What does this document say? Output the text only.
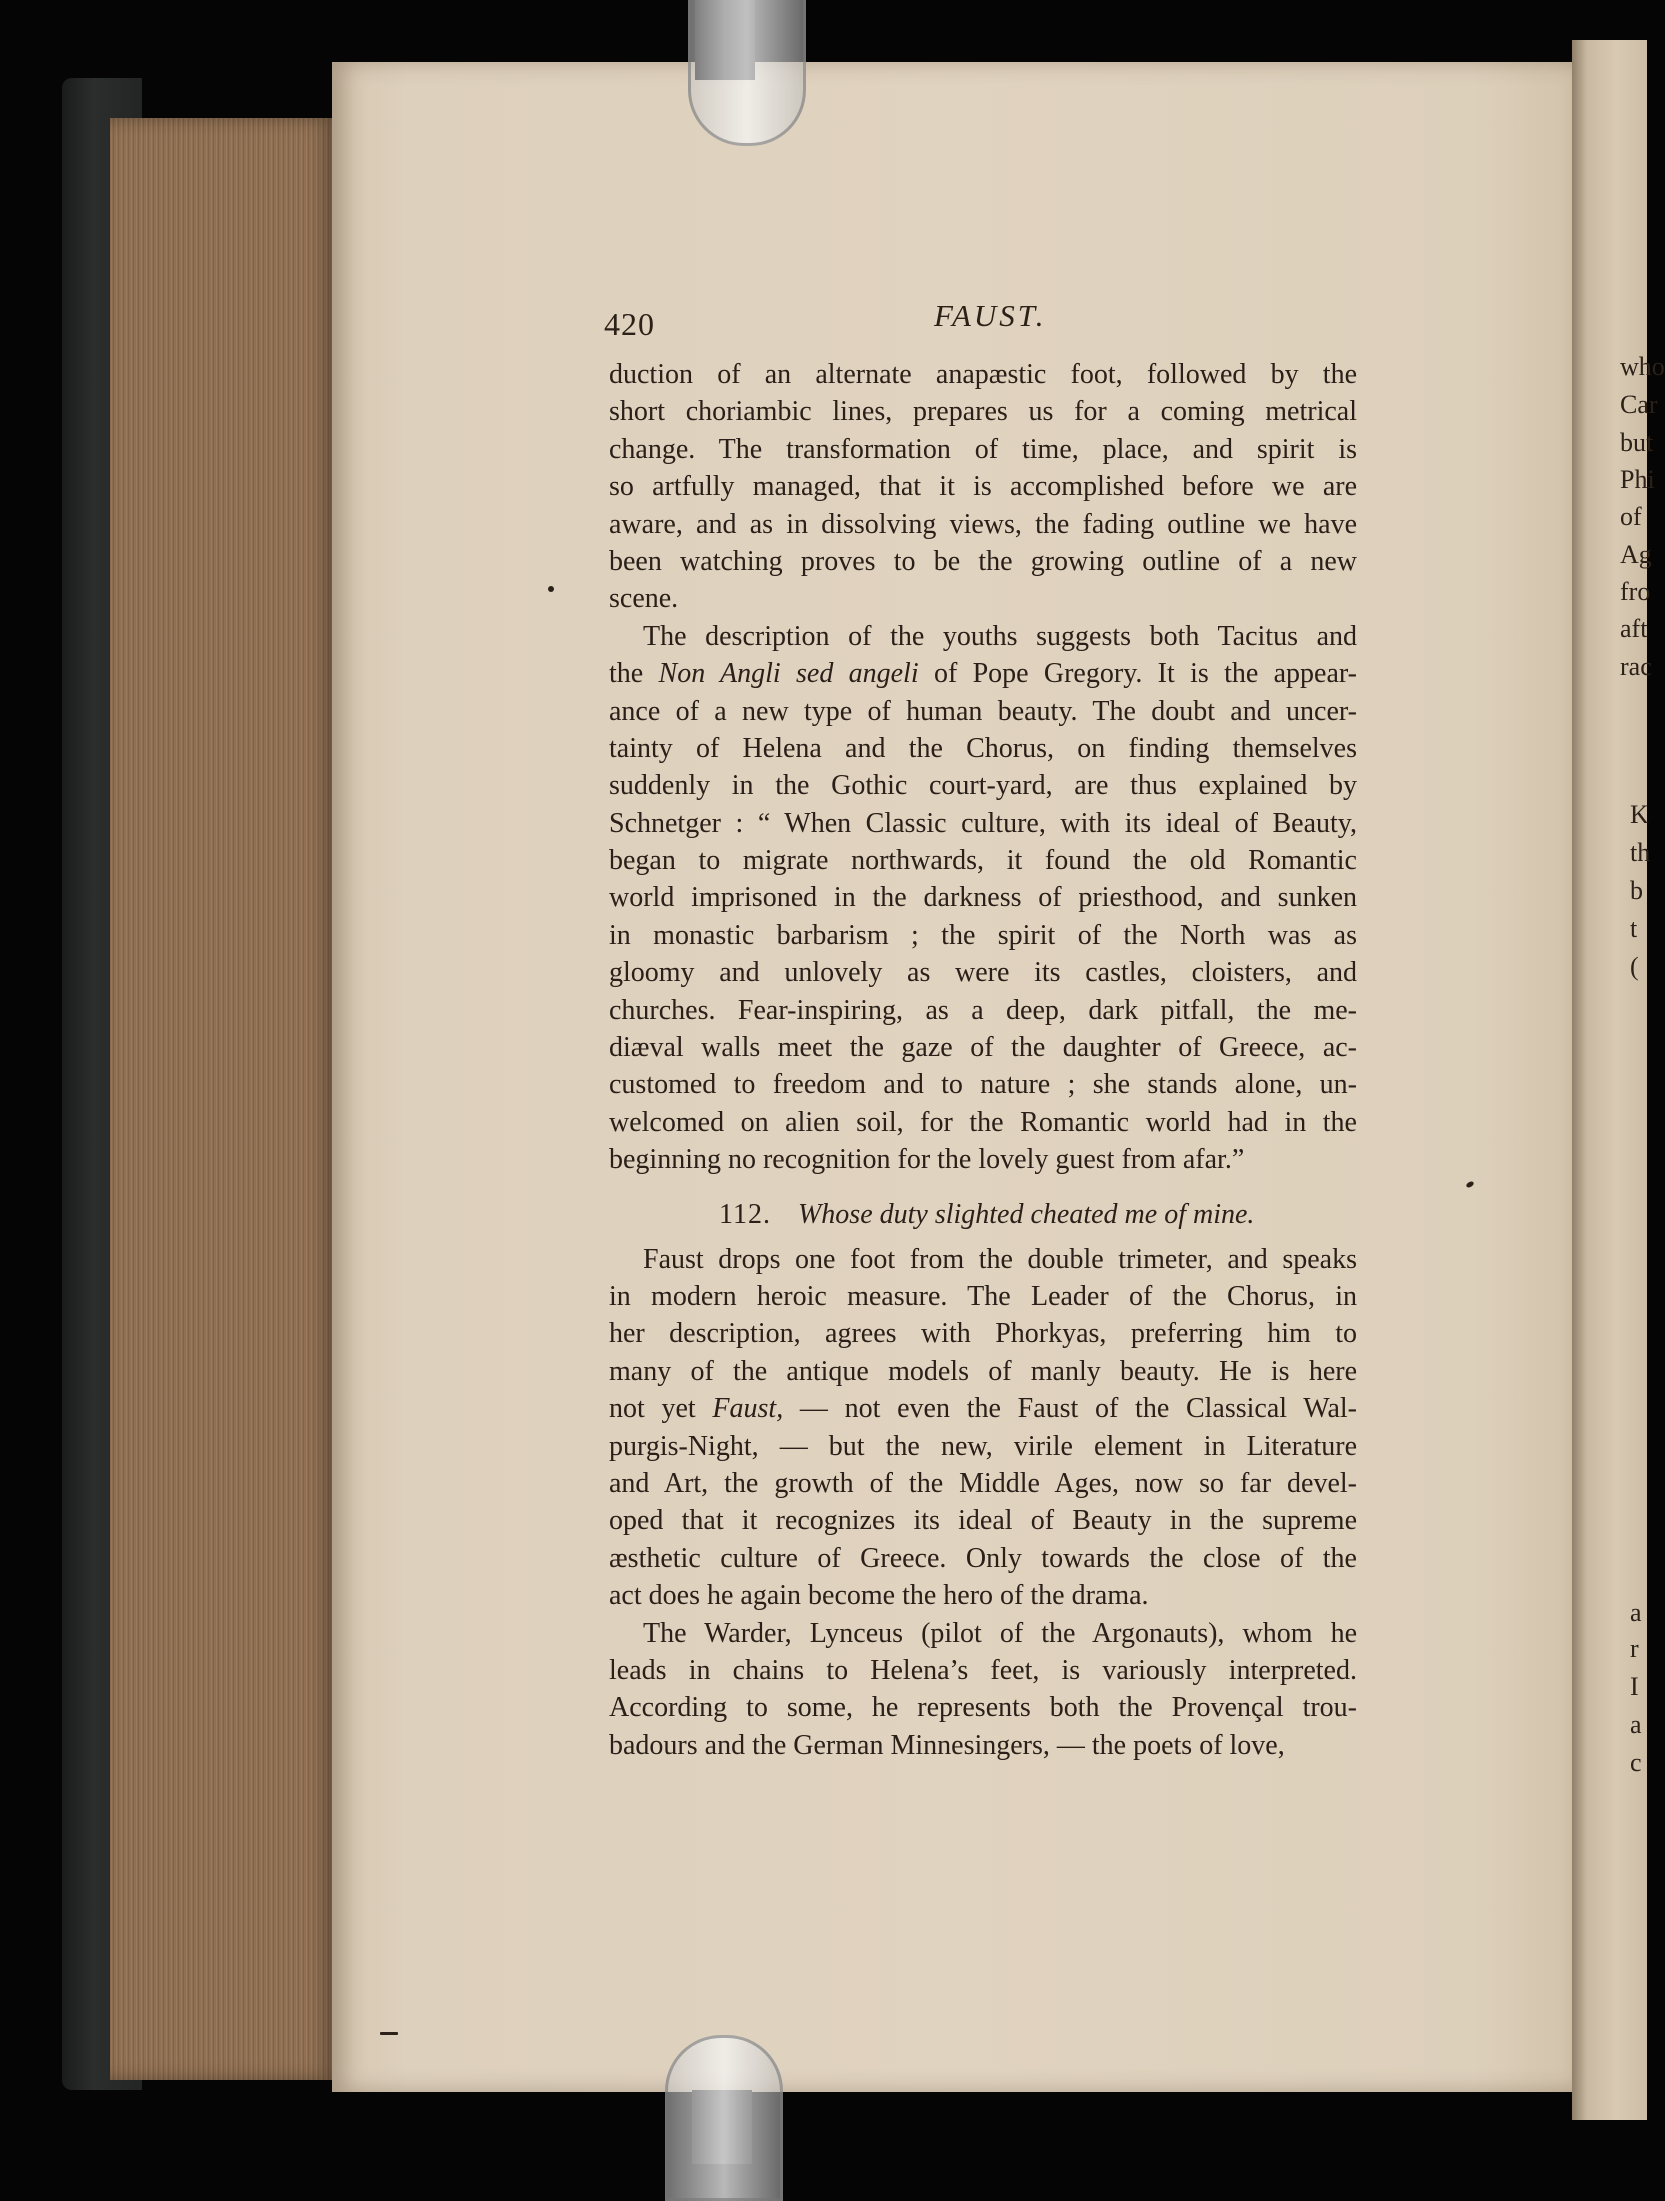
who
Car
but
Phi
of
Ag
fro
aft
rac
K
th
b
t
(
a
r
I
a
c
420	FAUST.
duction of an alternate anapæstic foot, followed by the
short choriambic lines, prepares us for a coming metrical
change. The transformation of time, place, and spirit is
so artfully managed, that it is accomplished before we are
aware, and as in dissolving views, the fading outline we have
been watching proves to be the growing outline of a new
scene.
The description of the youths suggests both Tacitus and
the Non Angli sed angeli of Pope Gregory. It is the appear-
ance of a new type of human beauty. The doubt and uncer-
tainty of Helena and the Chorus, on finding themselves
suddenly in the Gothic court-yard, are thus explained by
Schnetger : “ When Classic culture, with its ideal of Beauty,
began to migrate northwards, it found the old Romantic
world imprisoned in the darkness of priesthood, and sunken
in monastic barbarism ; the spirit of the North was as
gloomy and unlovely as were its castles, cloisters, and
churches. Fear-inspiring, as a deep, dark pitfall, the me-
diæval walls meet the gaze of the daughter of Greece, ac-
customed to freedom and to nature ; she stands alone, un-
welcomed on alien soil, for the Romantic world had in the
beginning no recognition for the lovely guest from afar.”
112. Whose duty slighted cheated me of mine.
Faust drops one foot from the double trimeter, and speaks
in modern heroic measure. The Leader of the Chorus, in
her description, agrees with Phorkyas, preferring him to
many of the antique models of manly beauty. He is here
not yet Faust, — not even the Faust of the Classical Wal-
purgis-Night, — but the new, virile element in Literature
and Art, the growth of the Middle Ages, now so far devel-
oped that it recognizes its ideal of Beauty in the supreme
æsthetic culture of Greece. Only towards the close of the
act does he again become the hero of the drama.
The Warder, Lynceus (pilot of the Argonauts), whom he
leads in chains to Helena’s feet, is variously interpreted.
According to some, he represents both the Provençal trou-
badours and the German Minnesingers, — the poets of love,
